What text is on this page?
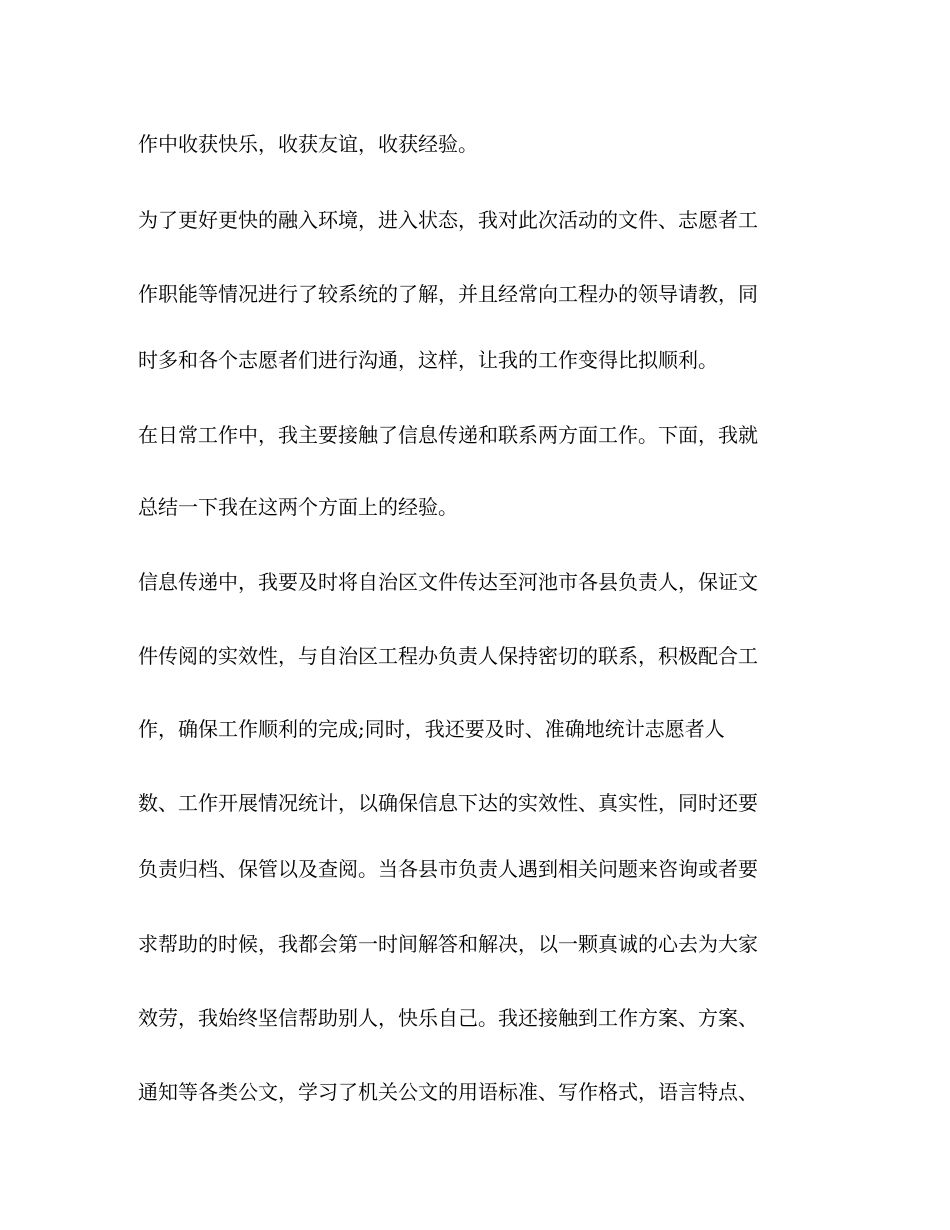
作中收获快乐，收获友谊，收获经验。

为了更好更快的融入环境，进入状态，我对此次活动的文件、志愿者工

作职能等情况进行了较系统的了解，并且经常向工程办的领导请教，同

时多和各个志愿者们进行沟通，这样，让我的工作变得比拟顺利。

在日常工作中，我主要接触了信息传递和联系两方面工作。下面，我就

总结一下我在这两个方面上的经验。

信息传递中，我要及时将自治区文件传达至河池市各县负责人，保证文

件传阅的实效性，与自治区工程办负责人保持密切的联系，积极配合工

作，确保工作顺利的完成;同时，我还要及时、准确地统计志愿者人

数、工作开展情况统计，以确保信息下达的实效性、真实性，同时还要

负责归档、保管以及查阅。当各县市负责人遇到相关问题来咨询或者要

求帮助的时候，我都会第一时间解答和解决，以一颗真诚的心去为大家

效劳，我始终坚信帮助别人，快乐自己。我还接触到工作方案、方案、

通知等各类公文，学习了机关公文的用语标准、写作格式，语言特点、
